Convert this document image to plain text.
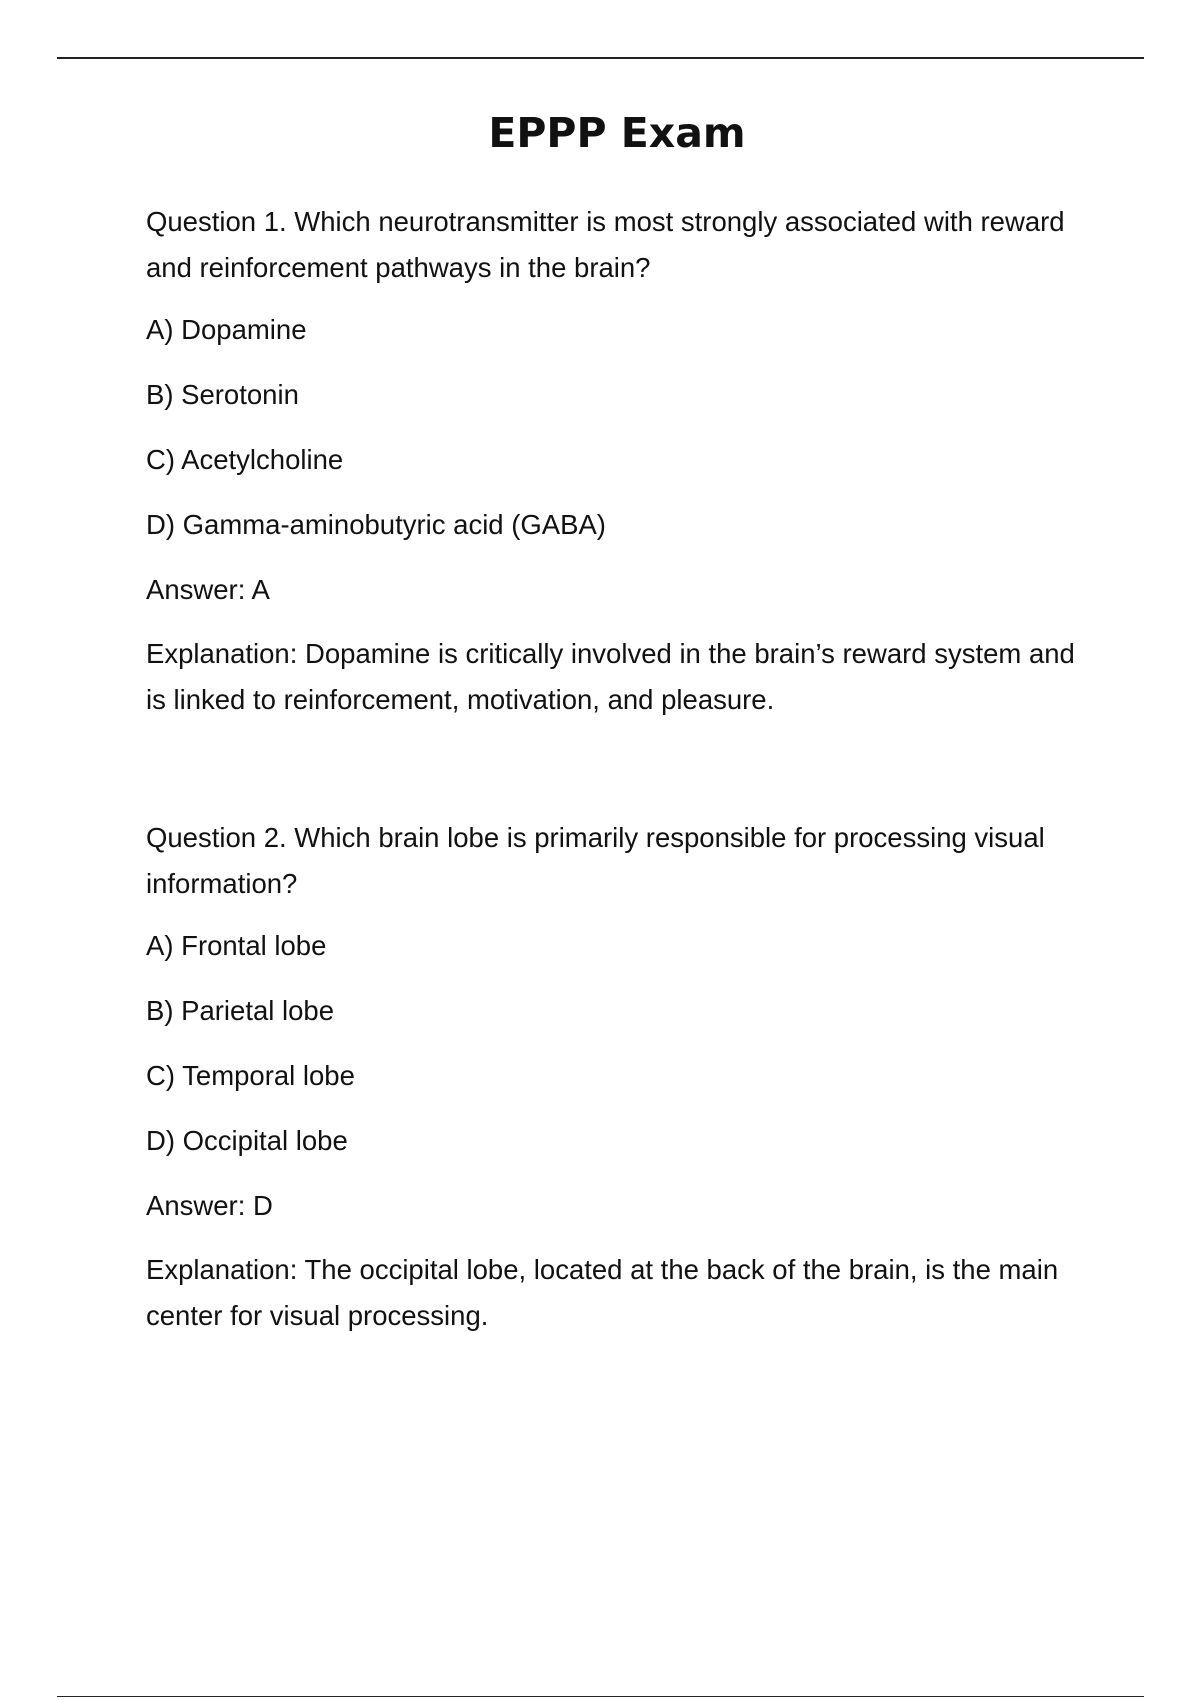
EPPP Exam

Question 1. Which neurotransmitter is most strongly associated with reward and reinforcement pathways in the brain?

A) Dopamine

B) Serotonin

C) Acetylcholine

D) Gamma-aminobutyric acid (GABA)

Answer: A

Explanation: Dopamine is critically involved in the brain’s reward system and is linked to reinforcement, motivation, and pleasure.

Question 2. Which brain lobe is primarily responsible for processing visual information?

A) Frontal lobe

B) Parietal lobe

C) Temporal lobe

D) Occipital lobe

Answer: D

Explanation: The occipital lobe, located at the back of the brain, is the main center for visual processing.
